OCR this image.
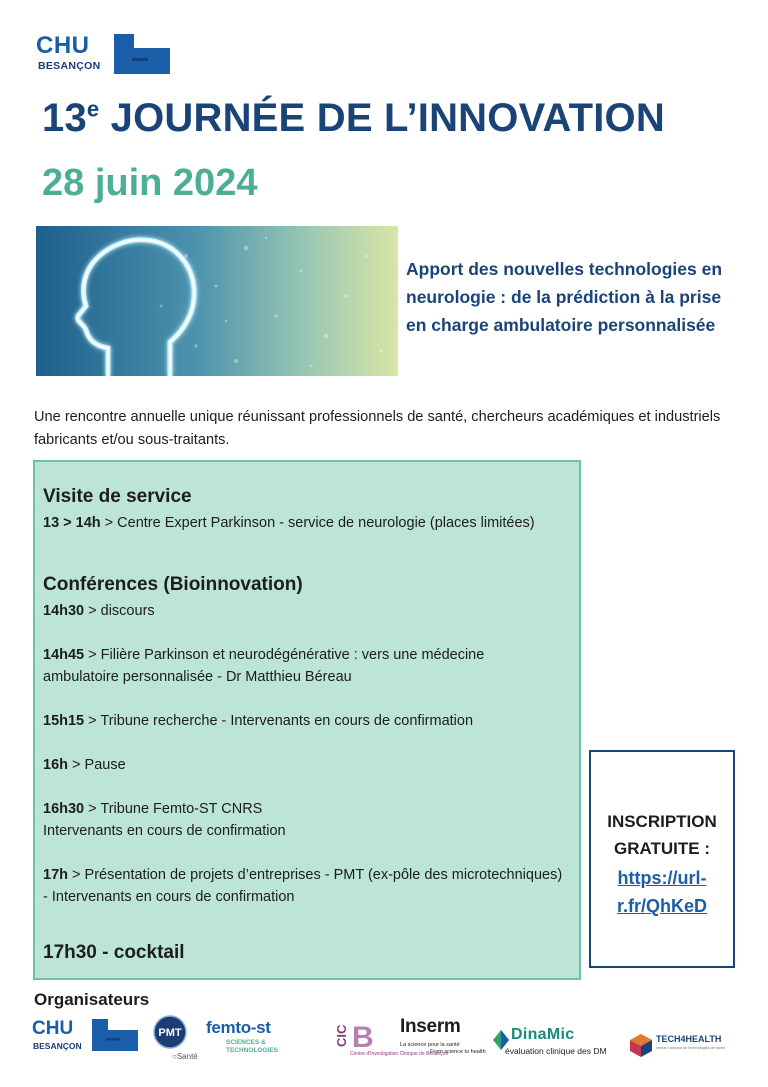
CHU
BESANÇON
13e JOURNÉE DE L’INNOVATION
28 juin 2024
Apport des nouvelles technologies en neurologie : de la prédiction à la prise en charge ambulatoire personnalisée
Une rencontre annuelle unique réunissant professionnels de santé, chercheurs académiques et industriels fabricants et/ou sous-traitants.
Visite de service
13 > 14h > Centre Expert Parkinson - service de neurologie (places limitées)
Conférences (Bioinnovation)
14h30 > discours
14h45 > Filière Parkinson et neurodégénérative : vers une médecine ambulatoire personnalisée - Dr Matthieu Béreau
15h15 > Tribune recherche - Intervenants en cours de confirmation
16h > Pause
16h30 > Tribune Femto-ST CNRS
Intervenants en cours de confirmation
17h > Présentation de projets d’entreprises - PMT (ex-pôle des microtechniques) - Intervenants en cours de confirmation
17h30 - cocktail
INSCRIPTION
GRATUITE :
https://url-r.fr/QhKeD
Organisateurs
CHU
BESANÇON
PMT
○Santé
femto-st
SCIENCES &
TECHNOLOGIES
CIC B
Centre d'Investigation Clinique de Besançon
Inserm
La science pour la santé
From science to health
DinaMic
évaluation clinique des DM
TECH4HEALTH
réseau national de technologies de santé
